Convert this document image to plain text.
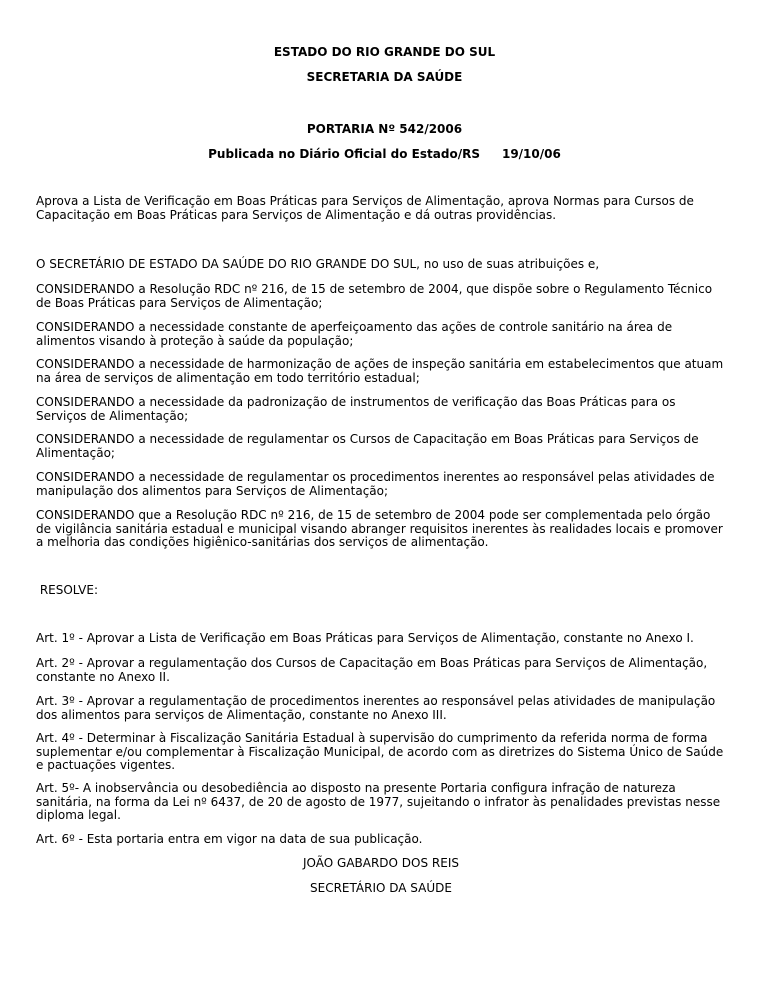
ESTADO DO RIO GRANDE DO SUL
SECRETARIA DA SAÚDE
PORTARIA Nº 542/2006
Publicada no Diário Oficial do Estado/RS 19/10/06
Aprova a Lista de Verificação em Boas Práticas para Serviços de Alimentação, aprova Normas para Cursos de Capacitação em Boas Práticas para Serviços de Alimentação e dá outras providências.
O SECRETÁRIO DE ESTADO DA SAÚDE DO RIO GRANDE DO SUL, no uso de suas atribuições e,
CONSIDERANDO a Resolução RDC nº 216, de 15 de setembro de 2004, que dispõe sobre o Regulamento Técnico de Boas Práticas para Serviços de Alimentação;
CONSIDERANDO a necessidade constante de aperfeiçoamento das ações de controle sanitário na área de alimentos visando à proteção à saúde da população;
CONSIDERANDO a necessidade de harmonização de ações de inspeção sanitária em estabelecimentos que atuam na área de serviços de alimentação em todo território estadual;
CONSIDERANDO a necessidade da padronização de instrumentos de verificação das Boas Práticas para os Serviços de Alimentação;
CONSIDERANDO a necessidade de regulamentar os Cursos de Capacitação em Boas Práticas para Serviços de Alimentação;
CONSIDERANDO a necessidade de regulamentar os procedimentos inerentes ao responsável pelas atividades de manipulação dos alimentos para Serviços de Alimentação;
CONSIDERANDO que a Resolução RDC nº 216, de 15 de setembro de 2004 pode ser complementada pelo órgão de vigilância sanitária estadual e municipal visando abranger requisitos inerentes às realidades locais e promover a melhoria das condições higiênico-sanitárias dos serviços de alimentação.
RESOLVE:
Art. 1º - Aprovar a Lista de Verificação em Boas Práticas para Serviços de Alimentação, constante no Anexo I.
Art. 2º - Aprovar a regulamentação dos Cursos de Capacitação em Boas Práticas para Serviços de Alimentação, constante no Anexo II.
Art. 3º - Aprovar a regulamentação de procedimentos inerentes ao responsável pelas atividades de manipulação dos alimentos para serviços de Alimentação, constante no Anexo III.
Art. 4º - Determinar à Fiscalização Sanitária Estadual à supervisão do cumprimento da referida norma de forma suplementar e/ou complementar à Fiscalização Municipal, de acordo com as diretrizes do Sistema Único de Saúde e pactuações vigentes.
Art. 5º- A inobservância ou desobediência ao disposto na presente Portaria configura infração de natureza sanitária, na forma da Lei nº 6437, de 20 de agosto de 1977, sujeitando o infrator às penalidades previstas nesse diploma legal.
Art. 6º - Esta portaria entra em vigor na data de sua publicação.
JOÃO GABARDO DOS REIS
SECRETÁRIO DA SAÚDE
